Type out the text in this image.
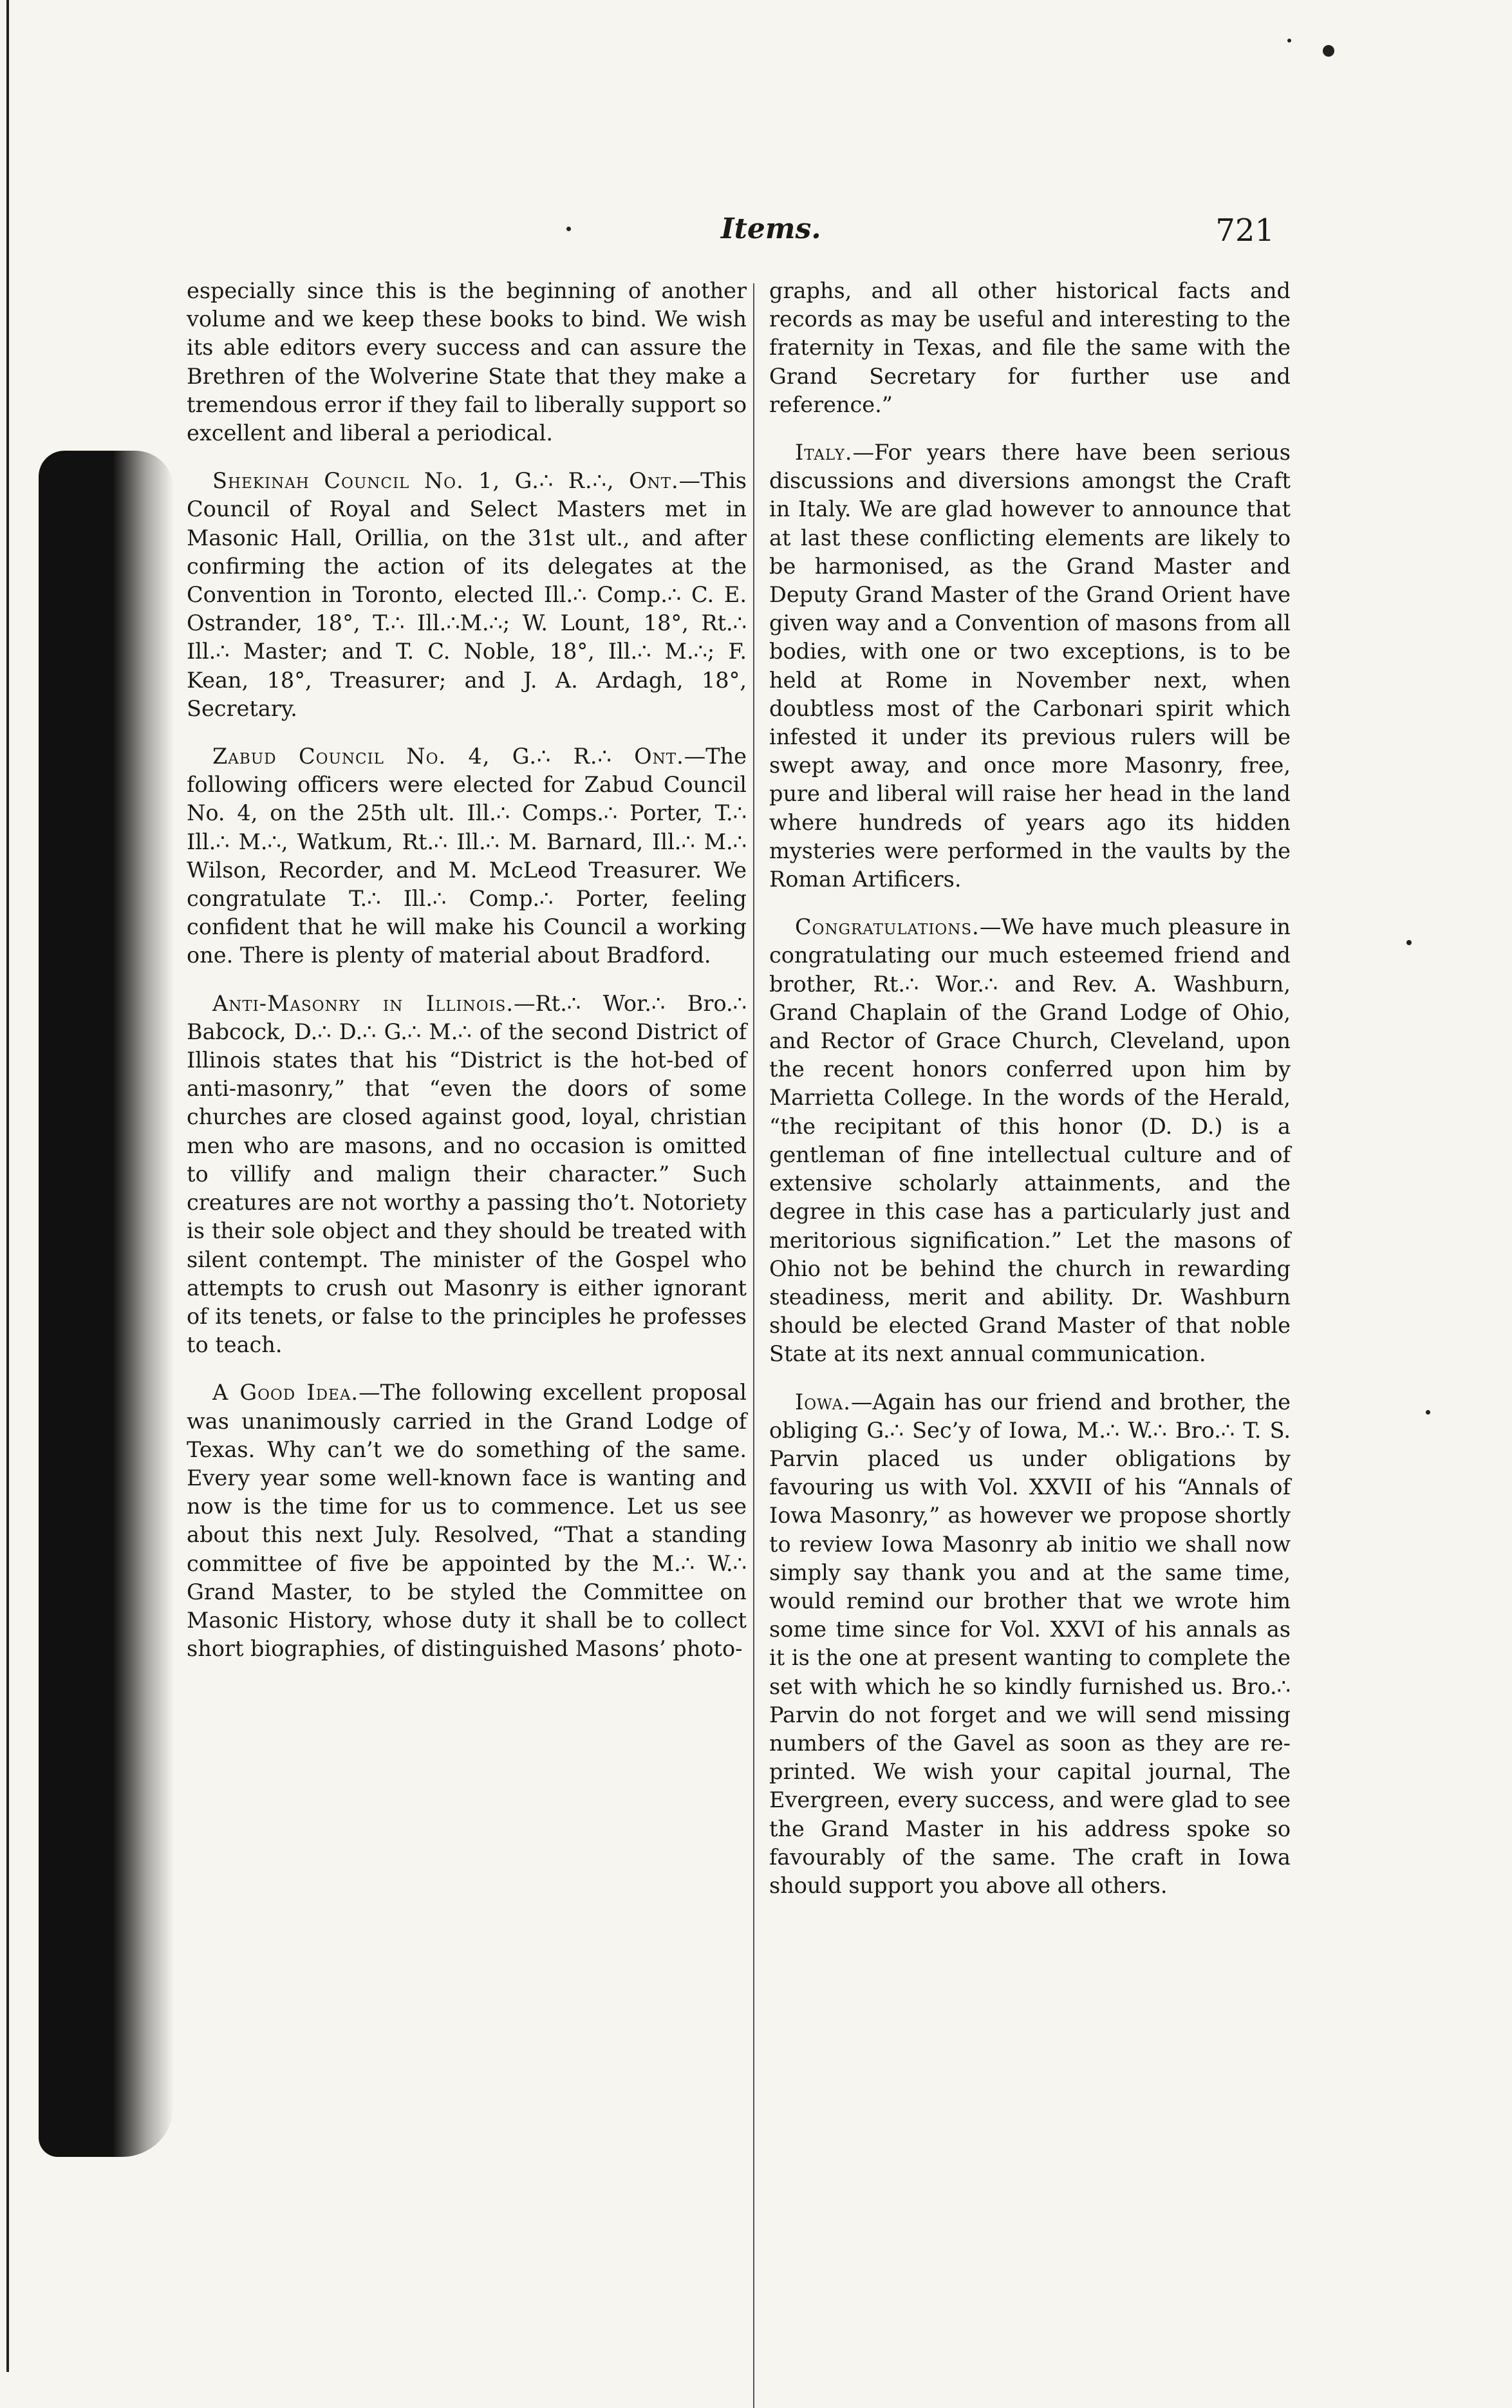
Items.	721

especially since this is the beginning of another volume and we keep these books to bind. We wish its able editors every success and can assure the Brethren of the Wolverine State that they make a tremendous error if they fail to liberally support so excellent and liberal a periodical.

Shekinah Council No. 1, G.∴ R.∴, Ont.—This Council of Royal and Select Masters met in Masonic Hall, Orillia, on the 31st ult., and after confirming the action of its delegates at the Convention in Toronto, elected Ill.∴ Comp.∴ C. E. Ostrander, 18°, T.∴ Ill.∴M.∴; W. Lount, 18°, Rt.∴ Ill.∴ Master; and T. C. Noble, 18°, Ill.∴ M.∴; F. Kean, 18°, Treasurer; and J. A. Ardagh, 18°, Secretary.

Zabud Council No. 4, G.∴ R.∴ Ont.—The following officers were elected for Zabud Council No. 4, on the 25th ult. Ill.∴ Comps.∴ Porter, T.∴ Ill.∴ M.∴, Watkum, Rt.∴ Ill.∴ M. Barnard, Ill.∴ M.∴ Wilson, Recorder, and M. McLeod Treasurer. We congratulate T.∴ Ill.∴ Comp.∴ Porter, feeling confident that he will make his Council a working one. There is plenty of material about Bradford.

Anti-Masonry in Illinois.—Rt.∴ Wor.∴ Bro.∴ Babcock, D.∴ D.∴ G.∴ M.∴ of the second District of Illinois states that his “District is the hot-bed of anti-masonry,” that “even the doors of some churches are closed against good, loyal, christian men who are masons, and no occasion is omitted to villify and malign their character.” Such creatures are not worthy a passing tho’t. Notoriety is their sole object and they should be treated with silent contempt. The minister of the Gospel who attempts to crush out Masonry is either ignorant of its tenets, or false to the principles he professes to teach.

A Good Idea.—The following excellent proposal was unanimously carried in the Grand Lodge of Texas. Why can’t we do something of the same. Every year some well-known face is wanting and now is the time for us to commence. Let us see about this next July. Resolved, “That a standing committee of five be appointed by the M.∴ W.∴ Grand Master, to be styled the Committee on Masonic History, whose duty it shall be to collect short biographies, of distinguished Masons’ photo-

graphs, and all other historical facts and records as may be useful and interesting to the fraternity in Texas, and file the same with the Grand Secretary for further use and reference.”

Italy.—For years there have been serious discussions and diversions amongst the Craft in Italy. We are glad however to announce that at last these conflicting elements are likely to be harmonised, as the Grand Master and Deputy Grand Master of the Grand Orient have given way and a Convention of masons from all bodies, with one or two exceptions, is to be held at Rome in November next, when doubtless most of the Carbonari spirit which infested it under its previous rulers will be swept away, and once more Masonry, free, pure and liberal will raise her head in the land where hundreds of years ago its hidden mysteries were performed in the vaults by the Roman Artificers.

Congratulations.—We have much pleasure in congratulating our much esteemed friend and brother, Rt.∴ Wor.∴ and Rev. A. Washburn, Grand Chaplain of the Grand Lodge of Ohio, and Rector of Grace Church, Cleveland, upon the recent honors conferred upon him by Marrietta College. In the words of the Herald, “the recipitant of this honor (D. D.) is a gentleman of fine intellectual culture and of extensive scholarly attainments, and the degree in this case has a particularly just and meritorious signification.” Let the masons of Ohio not be behind the church in rewarding steadiness, merit and ability. Dr. Washburn should be elected Grand Master of that noble State at its next annual communication.

Iowa.—Again has our friend and brother, the obliging G.∴ Sec’y of Iowa, M.∴ W.∴ Bro.∴ T. S. Parvin placed us under obligations by favouring us with Vol. XXVII of his “Annals of Iowa Masonry,” as however we propose shortly to review Iowa Masonry ab initio we shall now simply say thank you and at the same time, would remind our brother that we wrote him some time since for Vol. XXVI of his annals as it is the one at present wanting to complete the set with which he so kindly furnished us. Bro.∴ Parvin do not forget and we will send missing numbers of the Gavel as soon as they are re-printed. We wish your capital journal, The Evergreen, every success, and were glad to see the Grand Master in his address spoke so favourably of the same. The craft in Iowa should support you above all others.
